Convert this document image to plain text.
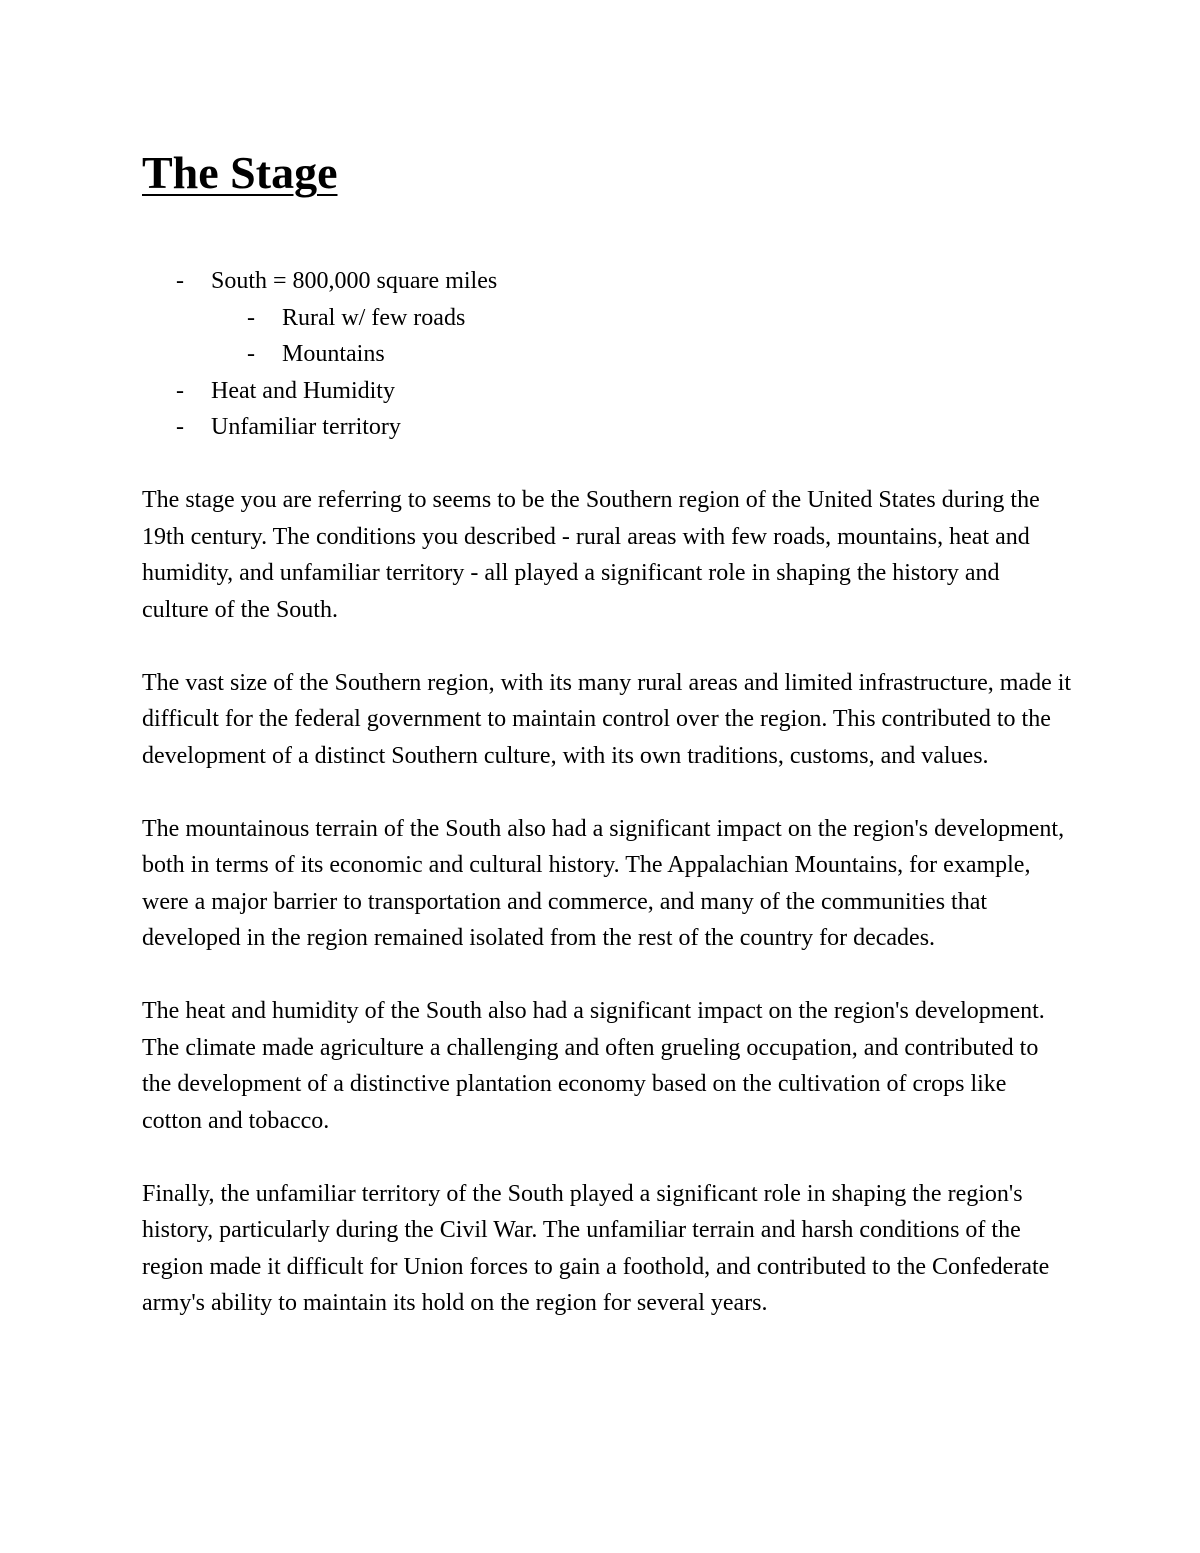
The Stage
- South = 800,000 square miles
- Rural w/ few roads
- Mountains
- Heat and Humidity
- Unfamiliar territory

The stage you are referring to seems to be the Southern region of the United States during the 19th century. The conditions you described - rural areas with few roads, mountains, heat and humidity, and unfamiliar territory - all played a significant role in shaping the history and culture of the South.

The vast size of the Southern region, with its many rural areas and limited infrastructure, made it difficult for the federal government to maintain control over the region. This contributed to the development of a distinct Southern culture, with its own traditions, customs, and values.

The mountainous terrain of the South also had a significant impact on the region's development, both in terms of its economic and cultural history. The Appalachian Mountains, for example, were a major barrier to transportation and commerce, and many of the communities that developed in the region remained isolated from the rest of the country for decades.

The heat and humidity of the South also had a significant impact on the region's development. The climate made agriculture a challenging and often grueling occupation, and contributed to the development of a distinctive plantation economy based on the cultivation of crops like cotton and tobacco.

Finally, the unfamiliar territory of the South played a significant role in shaping the region's history, particularly during the Civil War. The unfamiliar terrain and harsh conditions of the region made it difficult for Union forces to gain a foothold, and contributed to the Confederate army's ability to maintain its hold on the region for several years.
